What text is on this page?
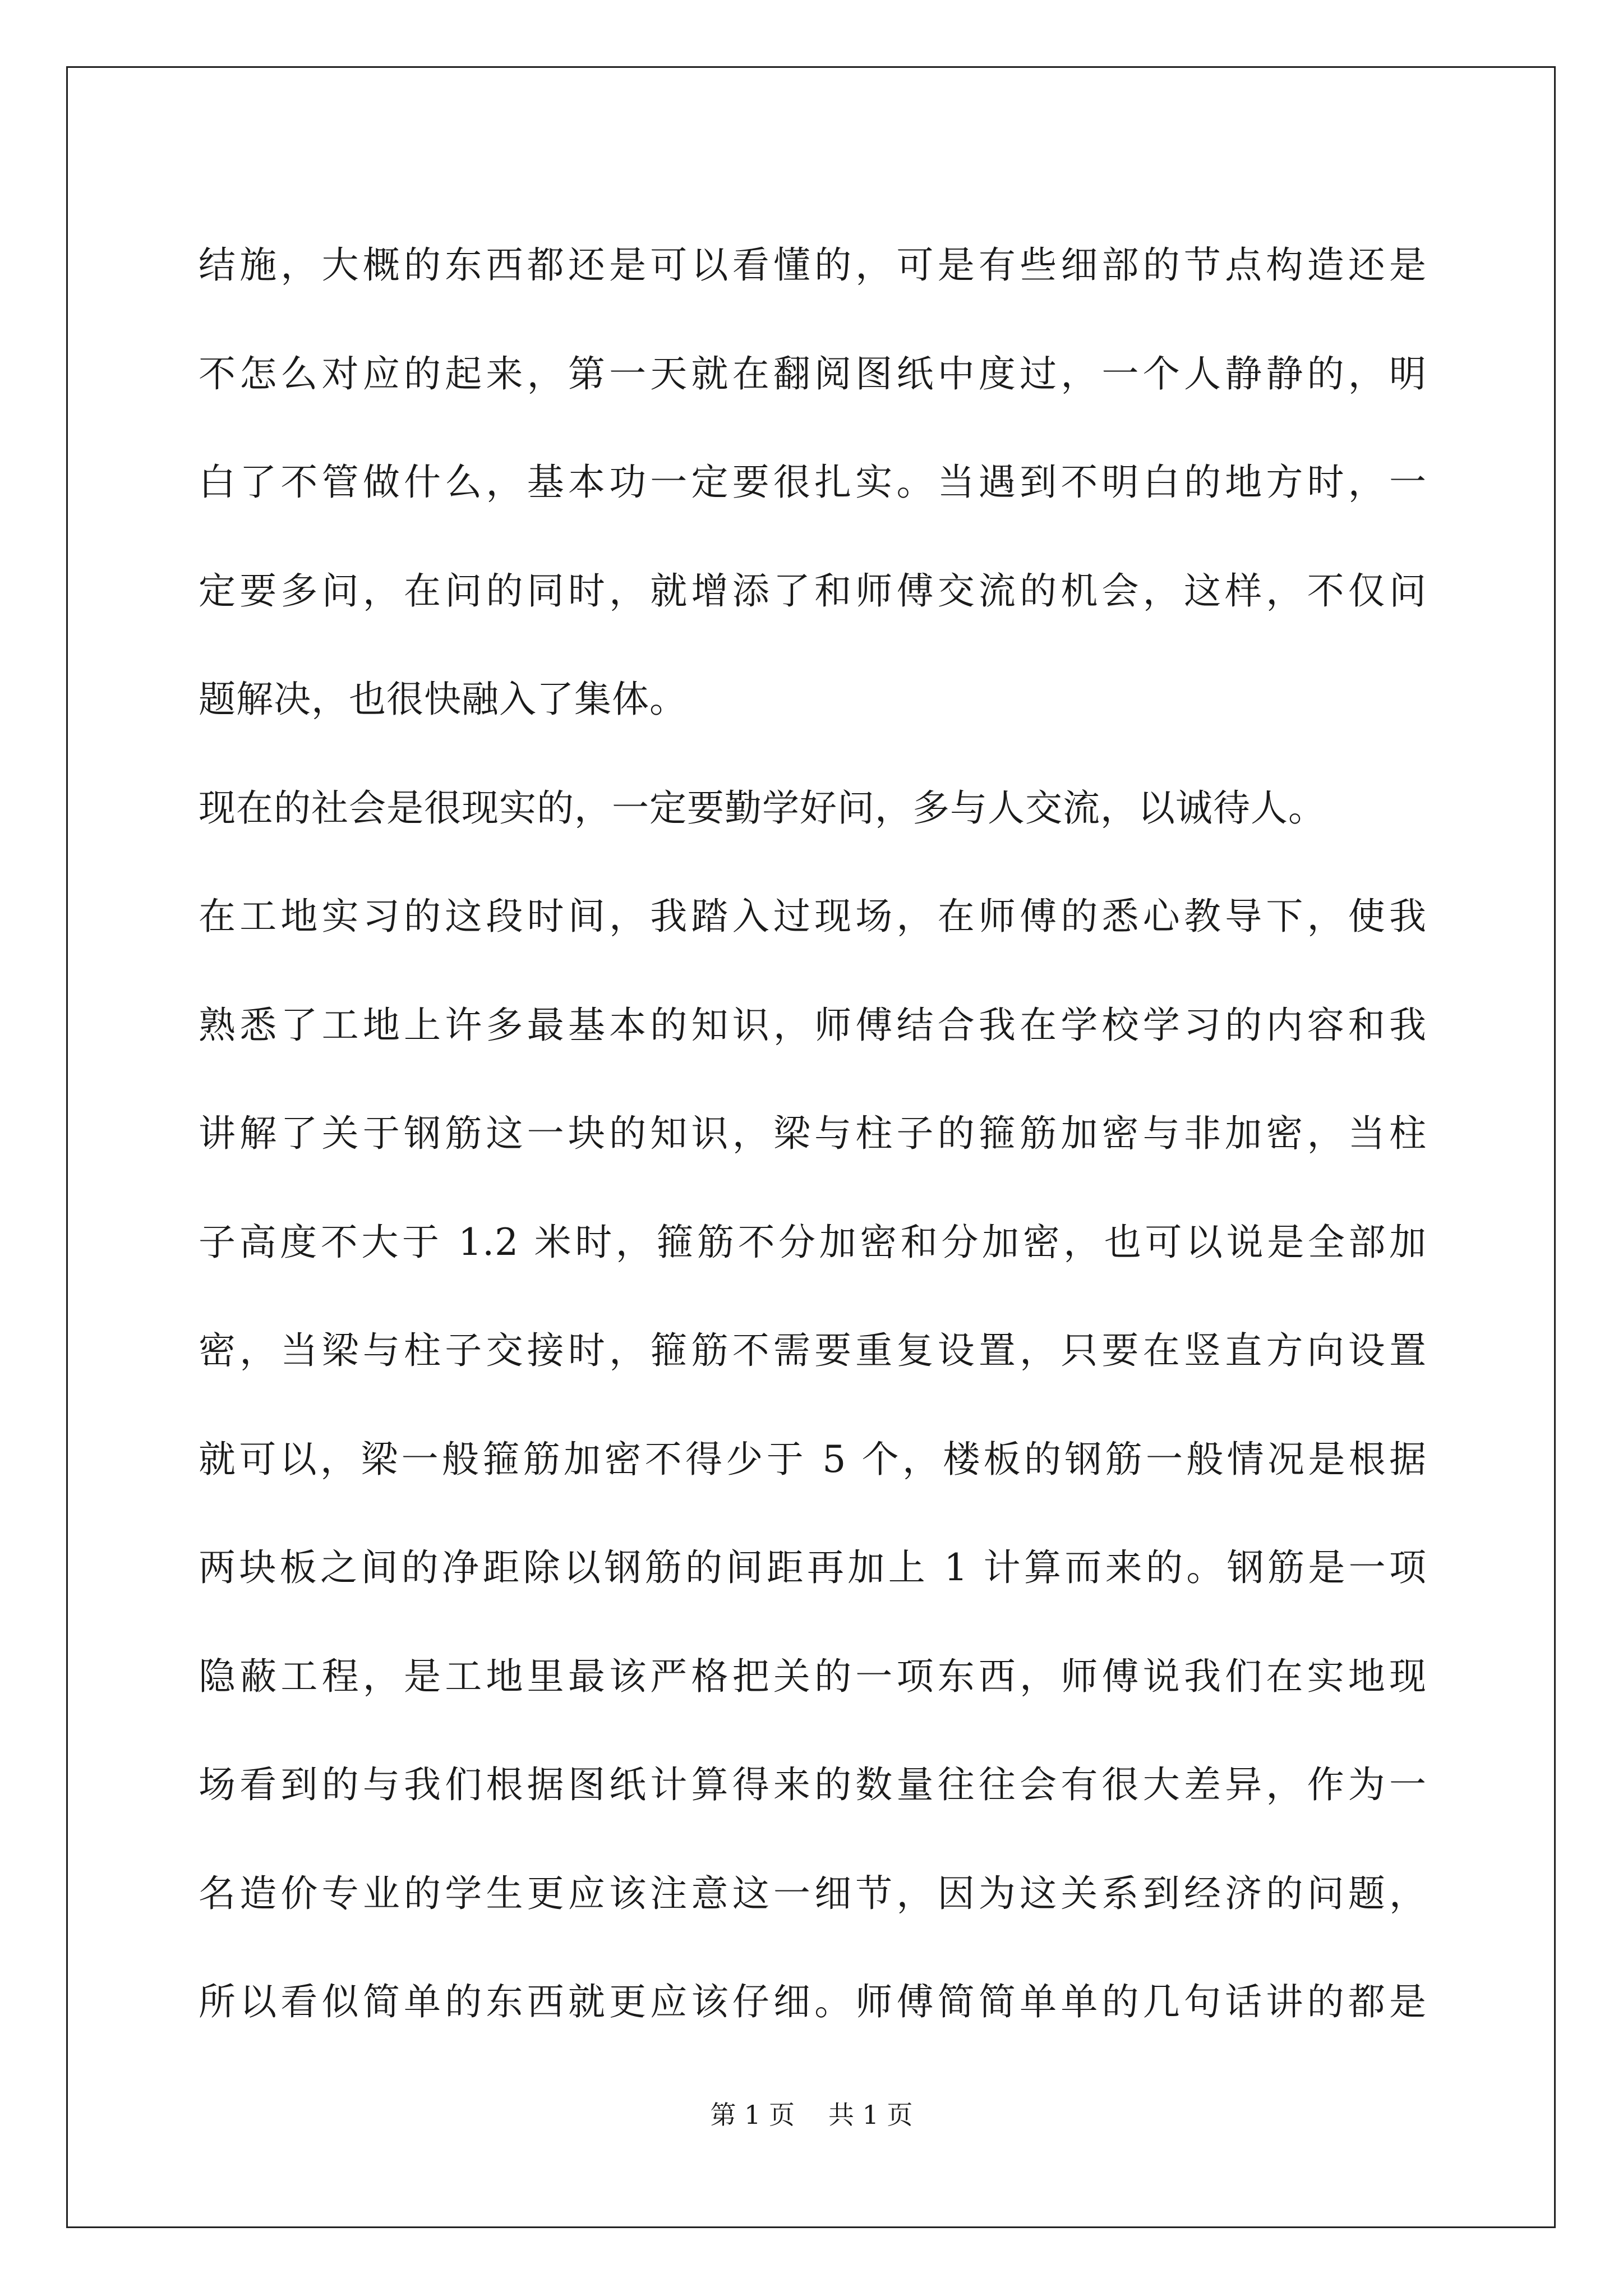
结施，大概的东西都还是可以看懂的，可是有些细部的节点构造还是
不怎么对应的起来，第一天就在翻阅图纸中度过，一个人静静的，明
白了不管做什么，基本功一定要很扎实。当遇到不明白的地方时，一
定要多问，在问的同时，就增添了和师傅交流的机会，这样，不仅问
题解决，也很快融入了集体。
现在的社会是很现实的，一定要勤学好问，多与人交流，以诚待人。
在工地实习的这段时间，我踏入过现场，在师傅的悉心教导下，使我
熟悉了工地上许多最基本的知识，师傅结合我在学校学习的内容和我
讲解了关于钢筋这一块的知识，梁与柱子的箍筋加密与非加密，当柱
子高度不大于 1.2 米时，箍筋不分加密和分加密，也可以说是全部加
密，当梁与柱子交接时，箍筋不需要重复设置，只要在竖直方向设置
就可以，梁一般箍筋加密不得少于 5 个，楼板的钢筋一般情况是根据
两块板之间的净距除以钢筋的间距再加上 1 计算而来的。钢筋是一项
隐蔽工程，是工地里最该严格把关的一项东西，师傅说我们在实地现
场看到的与我们根据图纸计算得来的数量往往会有很大差异，作为一
名造价专业的学生更应该注意这一细节，因为这关系到经济的问题，
所以看似简单的东西就更应该仔细。师傅简简单单的几句话讲的都是
第 1 页 共 1 页
